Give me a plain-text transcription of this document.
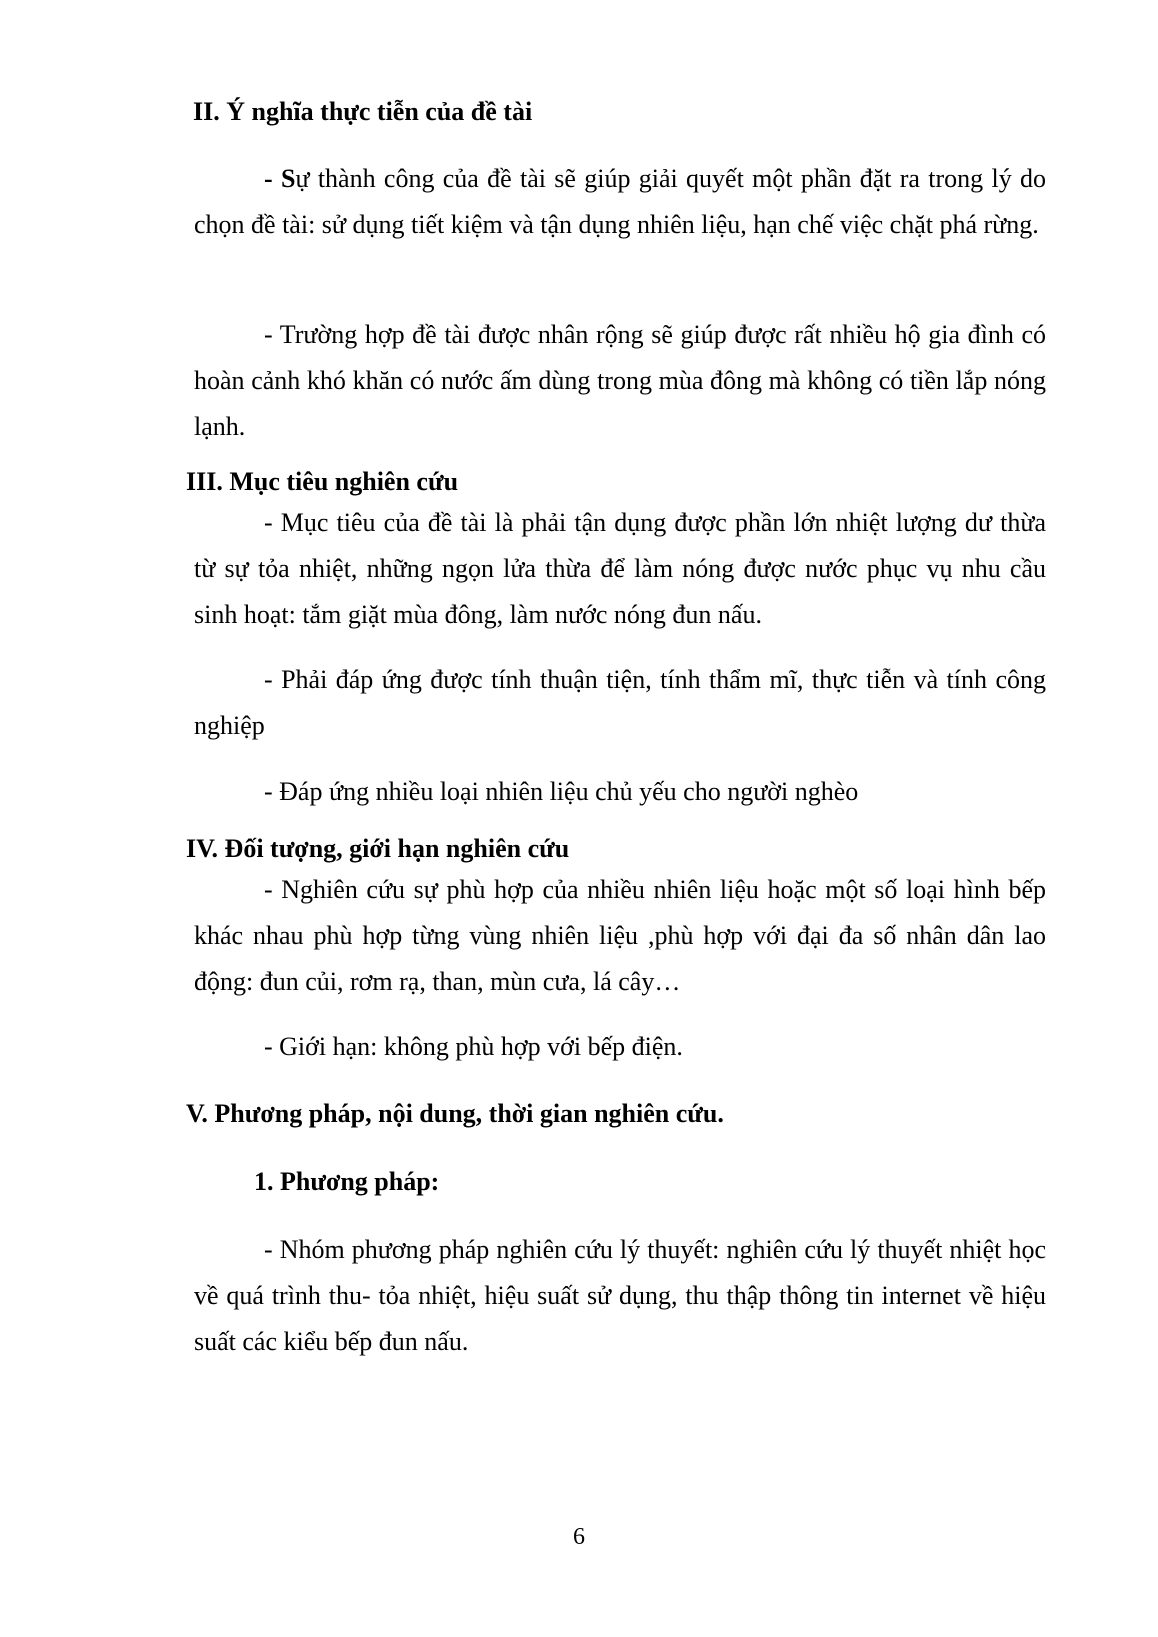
II. Ý nghĩa thực tiễn của đề tài
- Sự thành công của đề tài sẽ giúp giải quyết một phần đặt ra trong lý do chọn đề tài: sử dụng tiết kiệm và tận dụng nhiên liệu, hạn chế việc chặt phá rừng.
- Trường hợp đề tài được nhân rộng sẽ giúp được rất nhiều hộ gia đình có hoàn cảnh khó khăn có nước ấm dùng trong mùa đông mà không có tiền lắp nóng lạnh.
III. Mục tiêu nghiên cứu
- Mục tiêu của đề tài là phải tận dụng được phần lớn nhiệt lượng dư thừa từ sự tỏa nhiệt, những ngọn lửa thừa để làm nóng được nước phục vụ nhu cầu sinh hoạt: tắm giặt mùa đông, làm nước nóng đun nấu.
- Phải đáp ứng được tính thuận tiện, tính thẩm mĩ, thực tiễn và tính công nghiệp
- Đáp ứng nhiều loại nhiên liệu chủ yếu cho người nghèo
IV. Đối tượng, giới hạn nghiên cứu
- Nghiên cứu sự phù hợp của nhiều nhiên liệu hoặc một số loại hình bếp khác nhau phù hợp từng vùng nhiên liệu ,phù hợp với đại đa số nhân dân lao động: đun củi, rơm rạ, than, mùn cưa, lá cây…
- Giới hạn: không phù hợp với bếp điện.
V. Phương pháp, nội dung, thời gian nghiên cứu.
1. Phương pháp:
- Nhóm phương pháp nghiên cứu lý thuyết: nghiên cứu lý thuyết nhiệt học về quá trình thu- tỏa nhiệt, hiệu suất sử dụng, thu thập thông tin internet về hiệu suất các kiểu bếp đun nấu.
6
